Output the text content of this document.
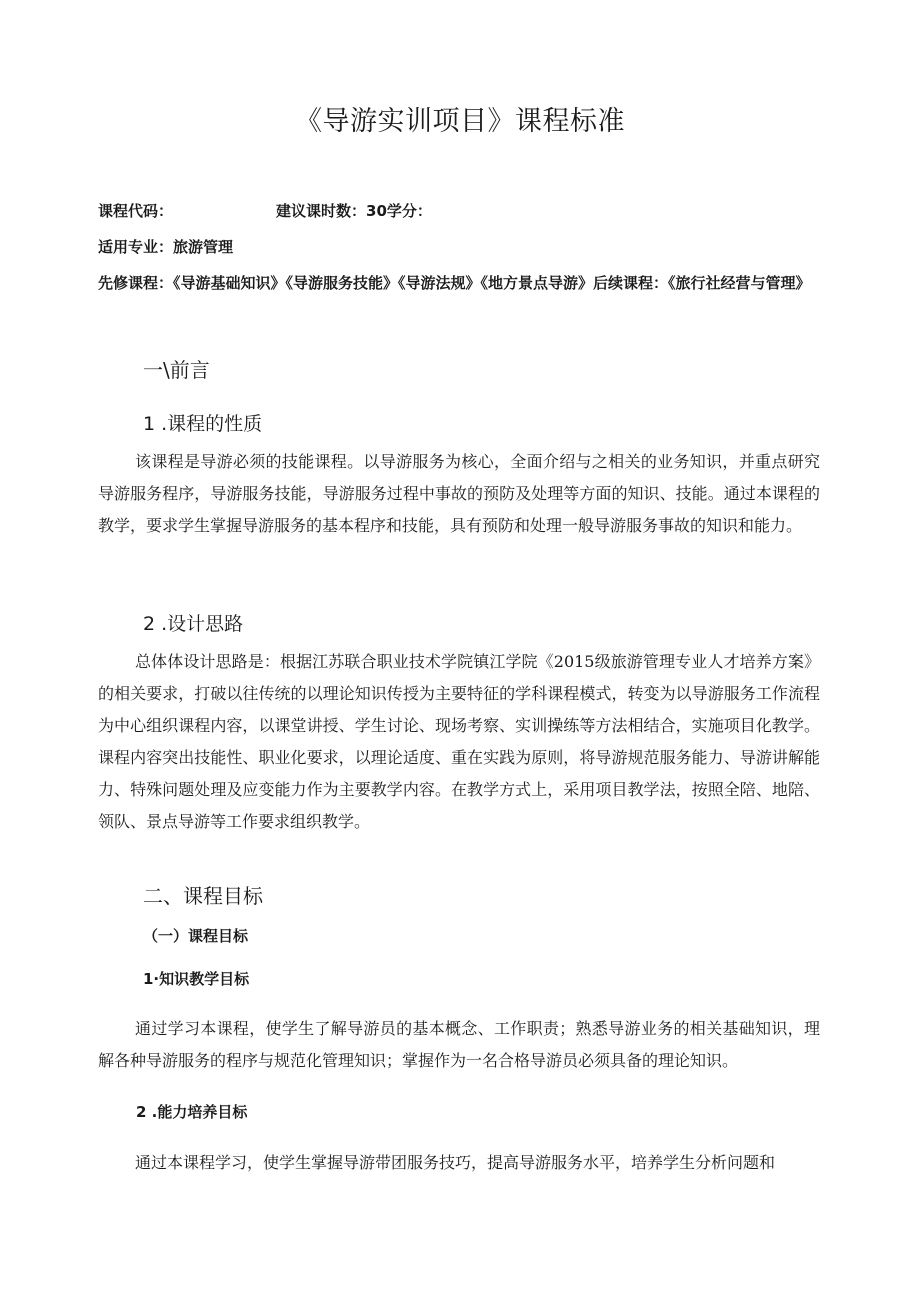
《导游实训项目》课程标准
课程代码：	建议课时数：30学分：
适用专业：旅游管理
先修课程：《导游基础知识》《导游服务技能》《导游法规》《地方景点导游》后续课程：《旅行社经营与管理》
一\前言
1 .课程的性质
该课程是导游必须的技能课程。以导游服务为核心，全面介绍与之相关的业务知识，并重点研究导游服务程序，导游服务技能，导游服务过程中事故的预防及处理等方面的知识、技能。通过本课程的教学，要求学生掌握导游服务的基本程序和技能，具有预防和处理一般导游服务事故的知识和能力。
2 .设计思路
总体体设计思路是：根据江苏联合职业技术学院镇江学院《2015级旅游管理专业人才培养方案》的相关要求，打破以往传统的以理论知识传授为主要特征的学科课程模式，转变为以导游服务工作流程为中心组织课程内容，以课堂讲授、学生讨论、现场考察、实训操练等方法相结合，实施项目化教学。课程内容突出技能性、职业化要求，以理论适度、重在实践为原则，将导游规范服务能力、导游讲解能力、特殊问题处理及应变能力作为主要教学内容。在教学方式上，采用项目教学法，按照全陪、地陪、领队、景点导游等工作要求组织教学。
二、课程目标
（一）课程目标
1·知识教学目标
通过学习本课程，使学生了解导游员的基本概念、工作职责；熟悉导游业务的相关基础知识，理解各种导游服务的程序与规范化管理知识；掌握作为一名合格导游员必须具备的理论知识。
2 .能力培养目标
通过本课程学习，使学生掌握导游带团服务技巧，提高导游服务水平，培养学生分析问题和
